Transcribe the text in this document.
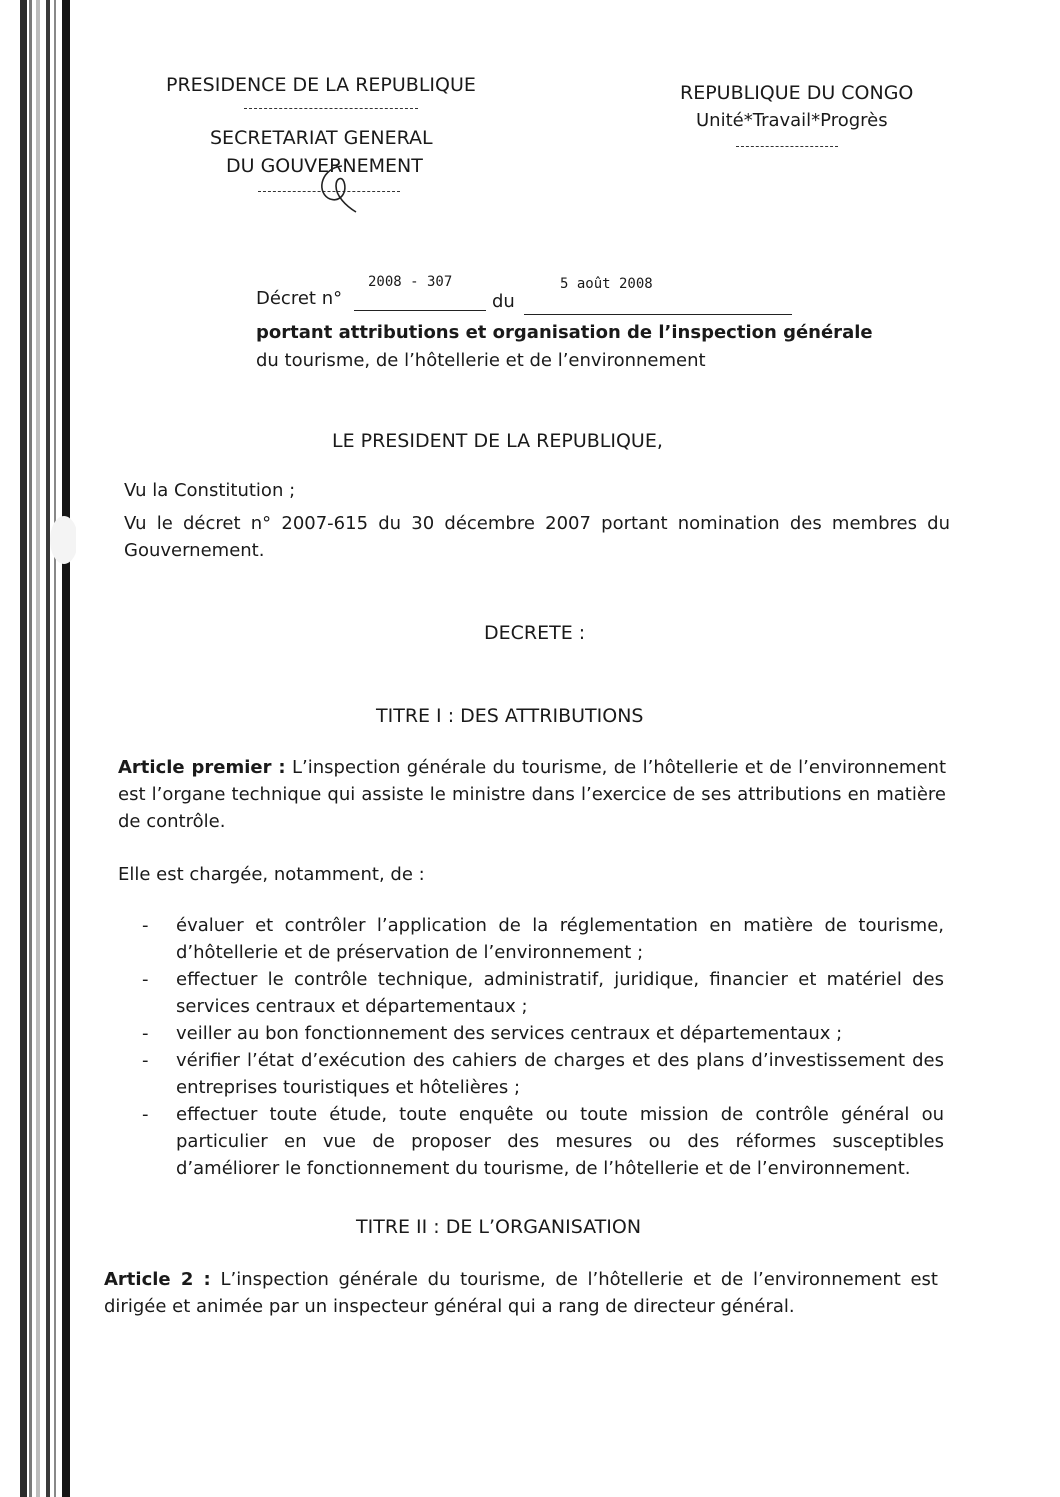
PRESIDENCE DE LA REPUBLIQUE
SECRETARIAT GENERAL
DU GOUVERNEMENT
REPUBLIQUE DU CONGO
Unité*Travail*Progrès
2008 - 307	5 août 2008
Décret n°	du
portant attributions et organisation de l’inspection générale
du tourisme, de l’hôtellerie et de l’environnement
LE PRESIDENT DE LA REPUBLIQUE,
Vu la Constitution ;
Vu le décret n° 2007-615 du 30 décembre 2007 portant nomination des membres du Gouvernement.
DECRETE :
TITRE I : DES ATTRIBUTIONS
Article premier : L’inspection générale du tourisme, de l’hôtellerie et de l’environnement est l’organe technique qui assiste le ministre dans l’exercice de ses attributions en matière de contrôle.
Elle est chargée, notamment, de :
- évaluer et contrôler l’application de la réglementation en matière de tourisme, d’hôtellerie et de préservation de l’environnement ;
- effectuer le contrôle technique, administratif, juridique, financier et matériel des services centraux et départementaux ;
- veiller au bon fonctionnement des services centraux et départementaux ;
- vérifier l’état d’exécution des cahiers de charges et des plans d’investissement des entreprises touristiques et hôtelières ;
- effectuer toute étude, toute enquête ou toute mission de contrôle général ou particulier en vue de proposer des mesures ou des réformes susceptibles d’améliorer le fonctionnement du tourisme, de l’hôtellerie et de l’environnement.
TITRE II : DE L’ORGANISATION
Article 2 : L’inspection générale du tourisme, de l’hôtellerie et de l’environnement est dirigée et animée par un inspecteur général qui a rang de directeur général.
